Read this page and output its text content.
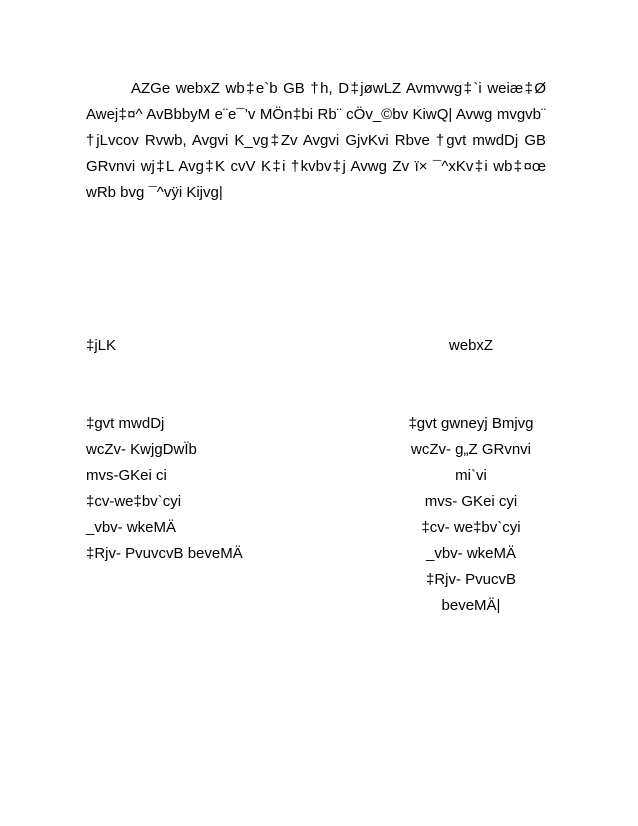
AZGe webxZ wb‡e`b GB †h, D‡jøwLZ Avmvwg‡`i weiæ‡Ø
Awej‡¤^ AvBbbyM e¨e¯’v MÖn‡bi Rb¨ cÖv_©bv KiwQ| Avwg mvgvb¨
†jLvcov Rvwb, Avgvi K_vg‡Zv Avgvi GjvKvi Rbve †gvt mwdDj GB
GRvnvi wj‡L Avg‡K cvV K‡i †kvbv‡j Avwg Zv ï× ¯^xKv‡i wb‡¤œ
wRb bvg ¯^vÿi Kijvg|
‡jLK	webxZ
‡gvt mwdDj
wcZv- KwjgDwÏb
mvs-GKei ci
‡cv-we‡bv`cyi
_vbv- wkeMÄ
‡Rjv- PvuvcvB beveMÄ
‡gvt gwneyj Bmjvg
wcZv- g„Z GRvnvi
mi`vi
mvs- GKei cyi
‡cv- we‡bv`cyi
_vbv- wkeMÄ
‡Rjv- PvucvB
beveMÄ|
